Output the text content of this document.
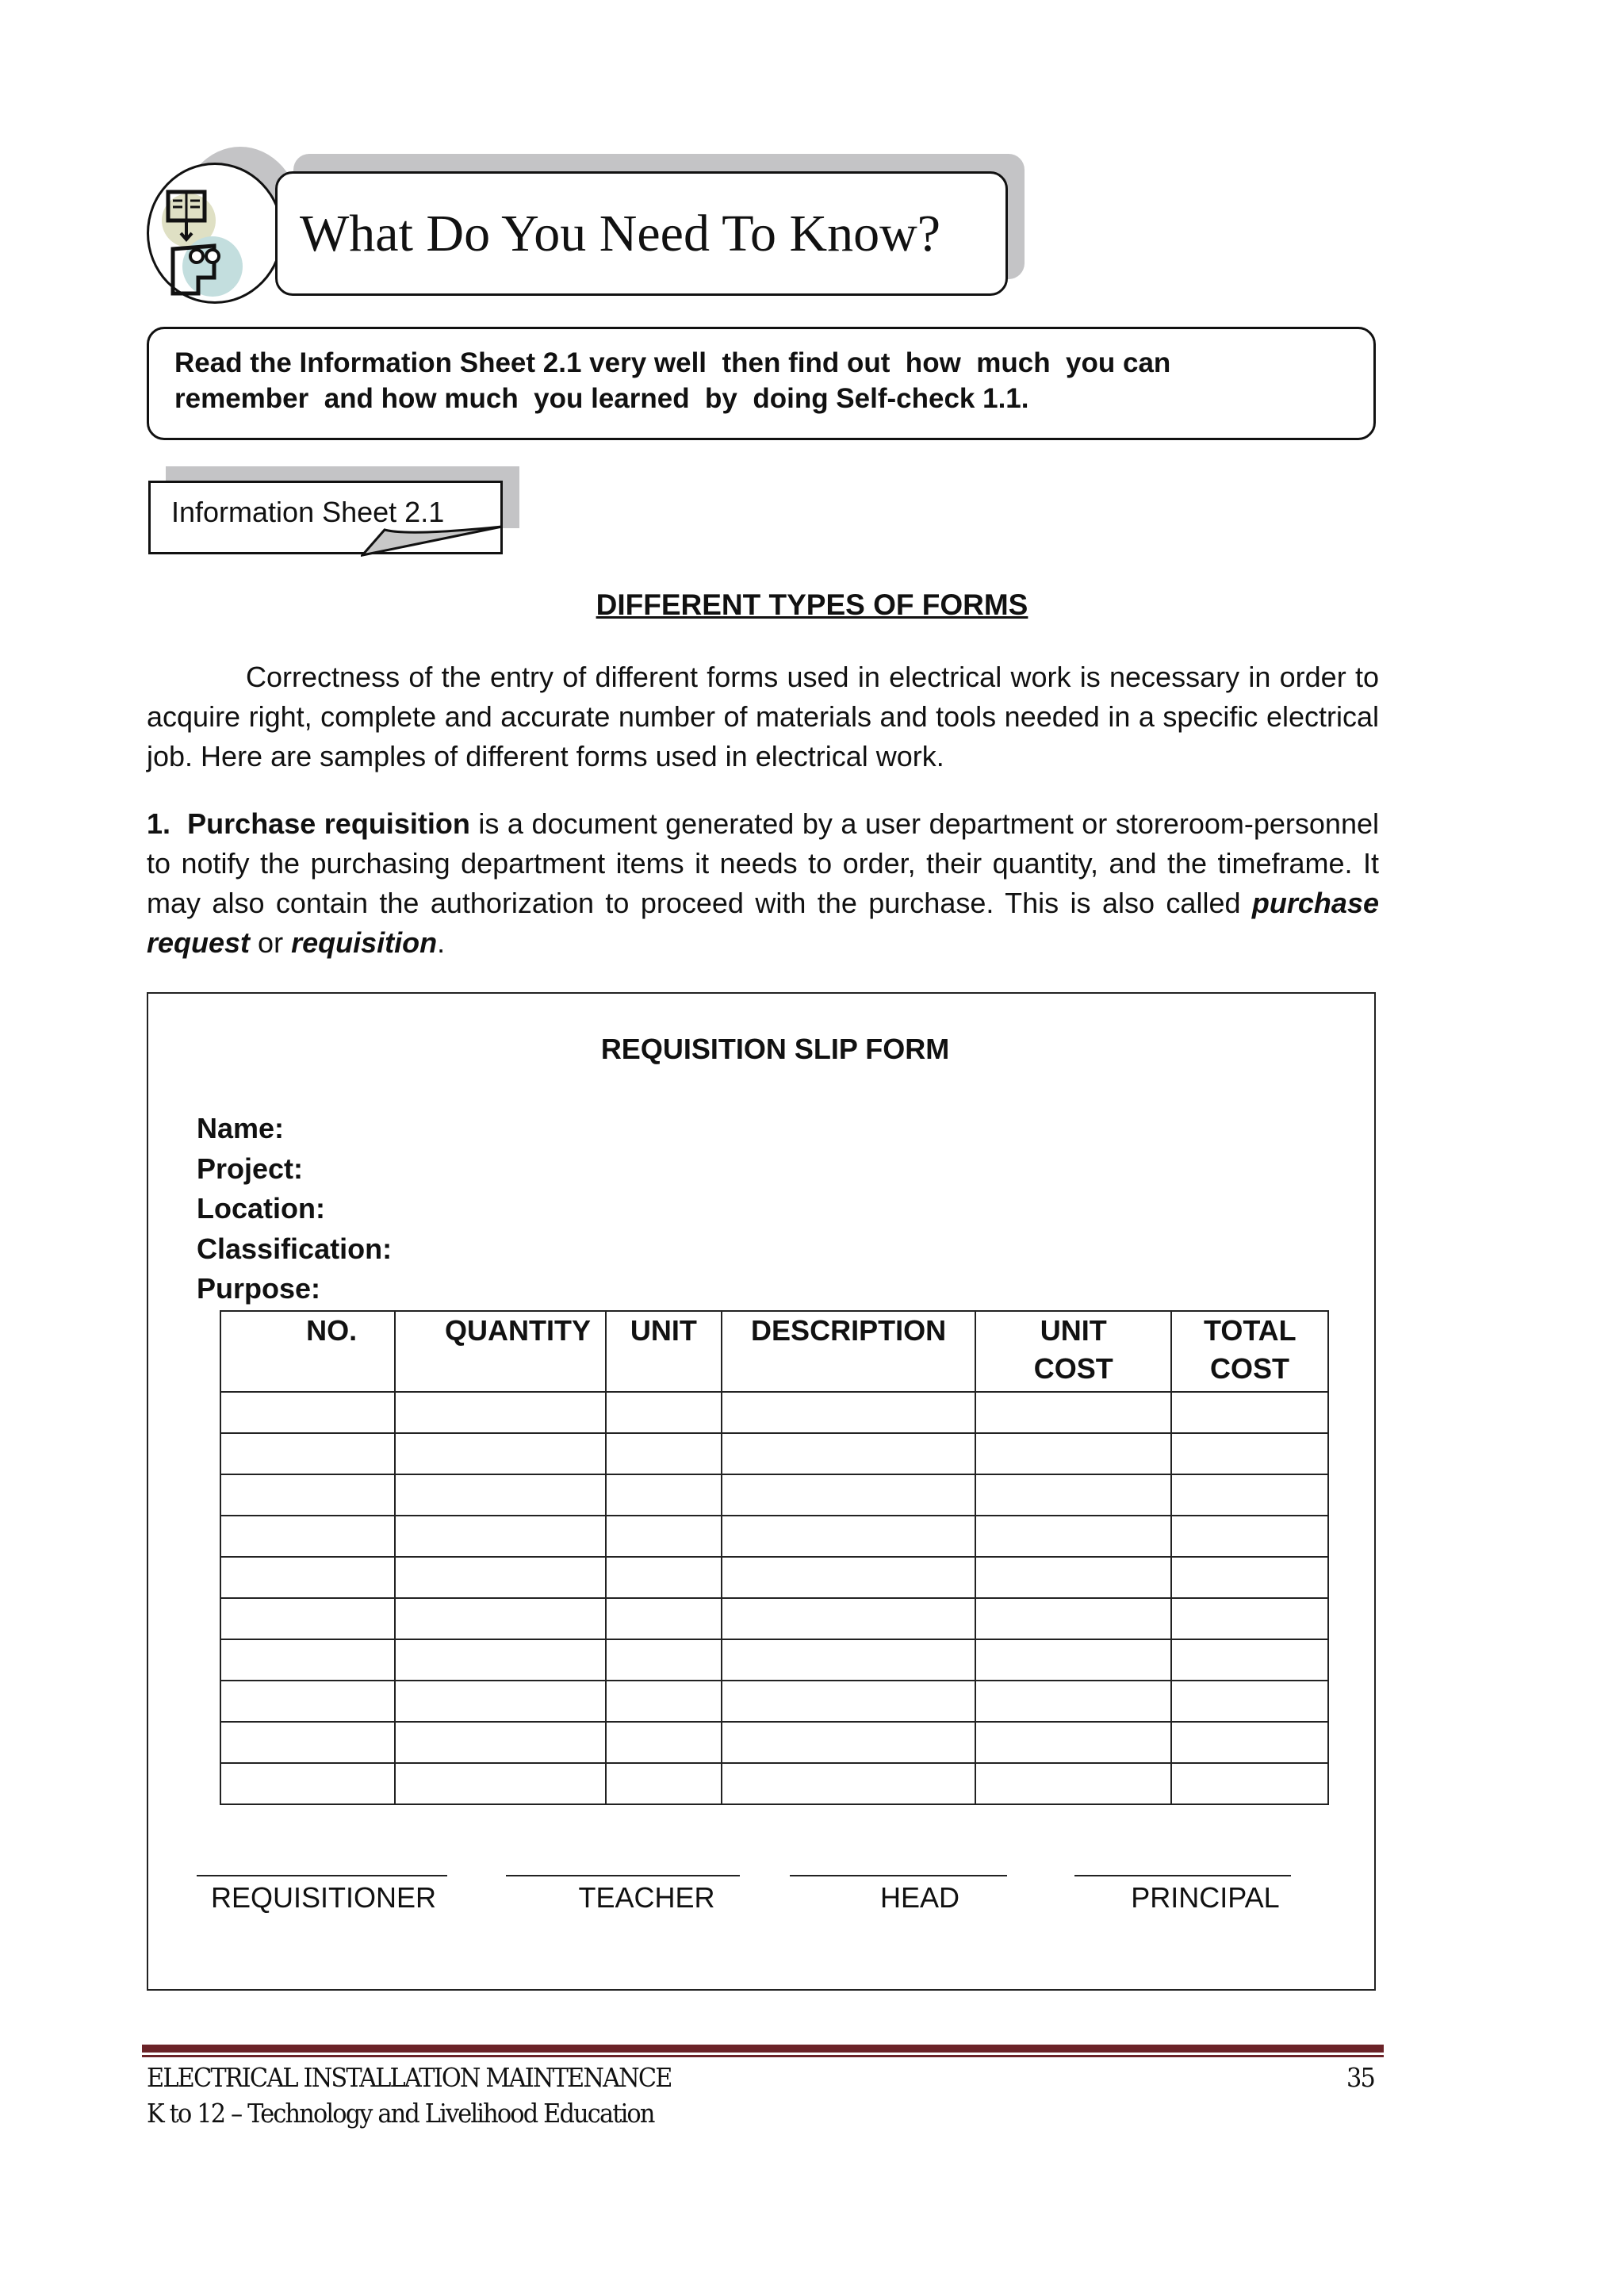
What Do You Need To Know?
Read the Information Sheet 2.1 very well  then find out  how  much  you can
remember  and how much  you learned  by  doing Self-check 1.1.
Information Sheet 2.1
DIFFERENT TYPES OF FORMS
Correctness of the entry of different forms used in electrical work is necessary in order to acquire right, complete and accurate number of materials and tools needed in a specific electrical job. Here are samples of different forms used in electrical work.
1. Purchase requisition is a document generated by a user department or storeroom-personnel to notify the purchasing department items it needs to order, their quantity, and the timeframe. It may also contain the authorization to proceed with the purchase. This is also called purchase request or requisition.
REQUISITION SLIP FORM
Name:
Project:
Location:
Classification:
Purpose:
NO.	QUANTITY	UNIT	DESCRIPTION	UNIT COST	TOTAL COST

REQUISITIONER	TEACHER	HEAD	PRINCIPAL
ELECTRICAL INSTALLATION MAINTENANCE
K to 12 – Technology and Livelihood Education
35
